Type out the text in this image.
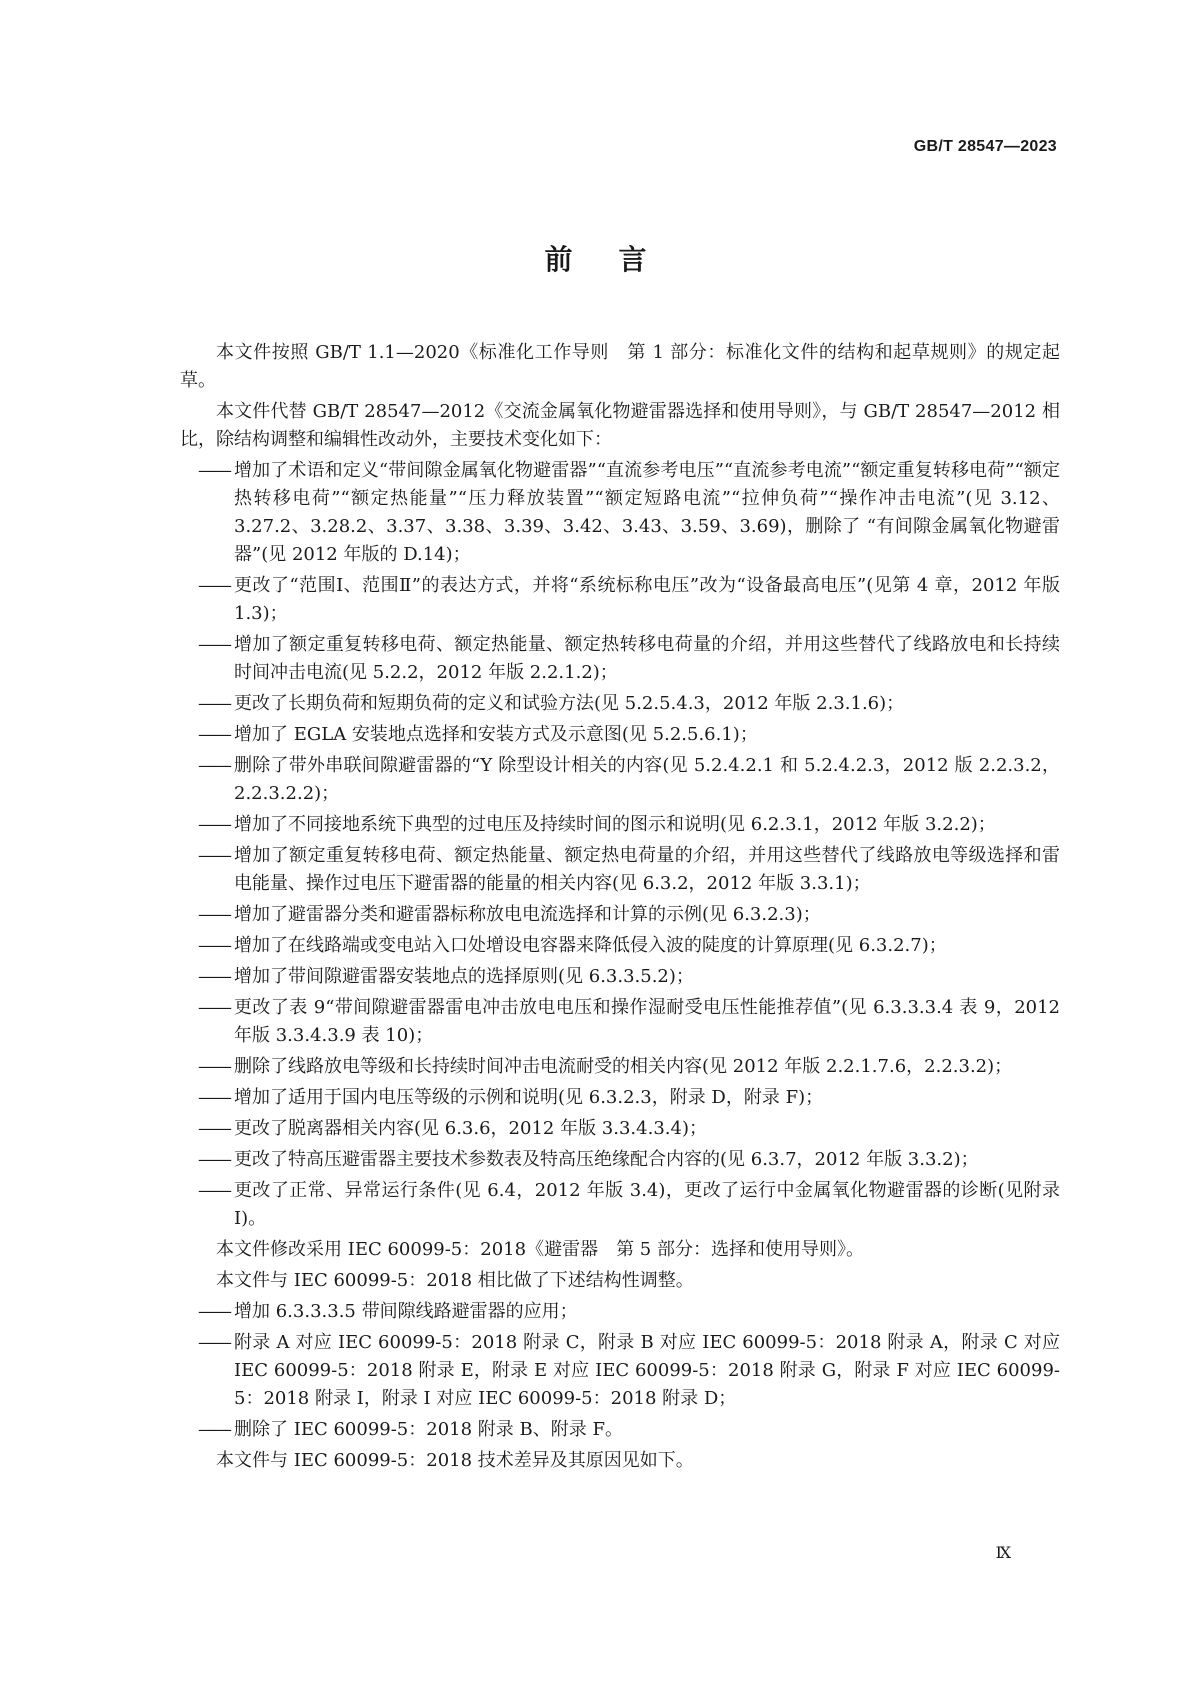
GB/T 28547—2023
前言

本文件按照 GB/T 1.1—2020《标准化工作导则　第 1 部分：标准化文件的结构和起草规则》的规定起草。

本文件代替 GB/T 28547—2012《交流金属氧化物避雷器选择和使用导则》，与 GB/T 28547—2012 相比，除结构调整和编辑性改动外，主要技术变化如下：

—— 增加了术语和定义“带间隙金属氧化物避雷器”“直流参考电压”“直流参考电流”“额定重复转移电荷”“额定热转移电荷”“额定热能量”“压力释放装置”“额定短路电流”“拉伸负荷”“操作冲击电流”(见 3.12、3.27.2、3.28.2、3.37、3.38、3.39、3.42、3.43、3.59、3.69)，删除了 “有间隙金属氧化物避雷器”(见 2012 年版的 D.14)；
—— 更改了“范围Ⅰ、范围Ⅱ”的表达方式，并将“系统标称电压”改为“设备最高电压”(见第 4 章，2012 年版 1.3)；
—— 增加了额定重复转移电荷、额定热能量、额定热转移电荷量的介绍，并用这些替代了线路放电和长持续时间冲击电流(见 5.2.2，2012 年版 2.2.1.2)；
—— 更改了长期负荷和短期负荷的定义和试验方法(见 5.2.5.4.3，2012 年版 2.3.1.6)；
—— 增加了 EGLA 安装地点选择和安装方式及示意图(见 5.2.5.6.1)；
—— 删除了带外串联间隙避雷器的“Y 除型设计相关的内容(见 5.2.4.2.1 和 5.2.4.2.3，2012 版 2.2.3.2，2.2.3.2.2)；
—— 增加了不同接地系统下典型的过电压及持续时间的图示和说明(见 6.2.3.1，2012 年版 3.2.2)；
—— 增加了额定重复转移电荷、额定热能量、额定热电荷量的介绍，并用这些替代了线路放电等级选择和雷电能量、操作过电压下避雷器的能量的相关内容(见 6.3.2，2012 年版 3.3.1)；
—— 增加了避雷器分类和避雷器标称放电电流选择和计算的示例(见 6.3.2.3)；
—— 增加了在线路端或变电站入口处增设电容器来降低侵入波的陡度的计算原理(见 6.3.2.7)；
—— 增加了带间隙避雷器安装地点的选择原则(见 6.3.3.5.2)；
—— 更改了表 9“带间隙避雷器雷电冲击放电电压和操作湿耐受电压性能推荐值”(见 6.3.3.3.4 表 9，2012 年版 3.3.4.3.9 表 10)；
—— 删除了线路放电等级和长持续时间冲击电流耐受的相关内容(见 2012 年版 2.2.1.7.6，2.2.3.2)；
—— 增加了适用于国内电压等级的示例和说明(见 6.3.2.3，附录 D，附录 F)；
—— 更改了脱离器相关内容(见 6.3.6，2012 年版 3.3.4.3.4)；
—— 更改了特高压避雷器主要技术参数表及特高压绝缘配合内容的(见 6.3.7，2012 年版 3.3.2)；
—— 更改了正常、异常运行条件(见 6.4，2012 年版 3.4)，更改了运行中金属氧化物避雷器的诊断(见附录 I)。

本文件修改采用 IEC 60099-5：2018《避雷器　第 5 部分：选择和使用导则》。

本文件与 IEC 60099-5：2018 相比做了下述结构性调整。

—— 增加 6.3.3.3.5 带间隙线路避雷器的应用；
—— 附录 A 对应 IEC 60099-5：2018 附录 C，附录 B 对应 IEC 60099-5：2018 附录 A，附录 C 对应 IEC 60099-5：2018 附录 E，附录 E 对应 IEC 60099-5：2018 附录 G，附录 F 对应 IEC 60099-5：2018 附录 I，附录 I 对应 IEC 60099-5：2018 附录 D；
—— 删除了 IEC 60099-5：2018 附录 B、附录 F。

本文件与 IEC 60099-5：2018 技术差异及其原因见如下。

Ⅸ
